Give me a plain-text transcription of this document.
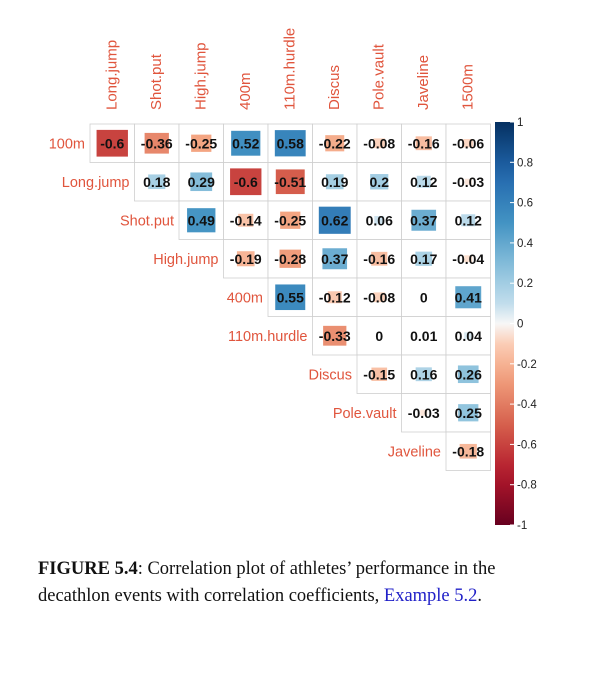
-0.6 -0.36 -0.25 0.52 0.58 -0.22 -0.08 -0.16 -0.06
0.18 0.29 -0.6 -0.51 0.19 0.2 0.12 -0.03
0.49 -0.14 -0.25 0.62 0.06 0.37 0.12
-0.19 -0.28 0.37 -0.16 0.17 -0.04
0.55 -0.12 -0.08 0 0.41
-0.33 0 0.01 0.04
-0.15 0.16 0.26
-0.03 0.25
-0.18
Long.jump Shot.put High.jump 400m 110m.hurdle Discus Pole.vault Javeline 1500m
100m
Long.jump
Shot.put
High.jump
400m
110m.hurdle
Discus
Pole.vault
Javeline
1
0.8
0.6
0.4
0.2
0
-0.2
-0.4
-0.6
-0.8
-1
FIGURE 5.4: Correlation plot of athletes’ performance in the decathlon events with correlation coefficients, Example 5.2.
